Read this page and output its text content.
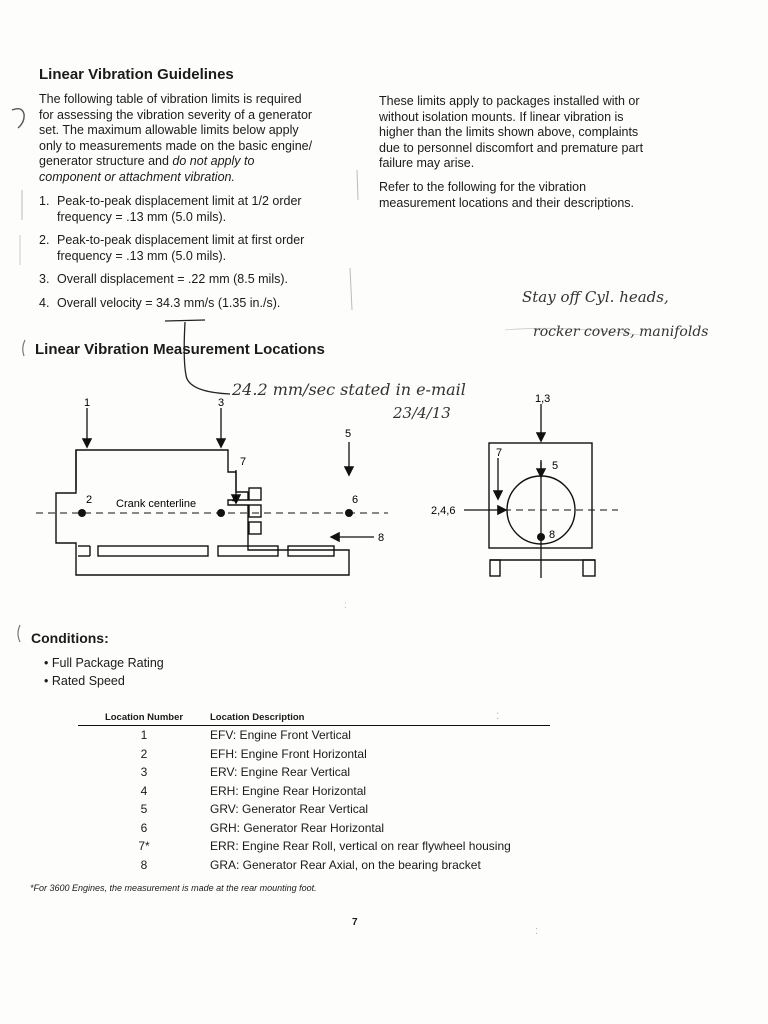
Linear Vibration Guidelines
The following table of vibration limits is required
for assessing the vibration severity of a generator
set. The maximum allowable limits below apply
only to measurements made on the basic engine/
generator structure and do not apply to
component or attachment vibration.
1. Peak-to-peak displacement limit at 1/2 order
frequency = .13 mm (5.0 mils).
2. Peak-to-peak displacement limit at first order
frequency = .13 mm (5.0 mils).
3. Overall displacement = .22 mm (8.5 mils).
4. Overall velocity = 34.3 mm/s (1.35 in./s).
These limits apply to packages installed with or
without isolation mounts. If linear vibration is
higher than the limits shown above, complaints
due to personnel discomfort and premature part
failure may arise.
Refer to the following for the vibration
measurement locations and their descriptions.
24.2 mm/sec stated in e-mail
23/4/13
Stay off Cyl. heads,
rocker covers, manifolds
Linear Vibration Measurement Locations
Crank centerline
1	3
5
7
2	4	6
8
1,3
7
5
2,4,6
8
Conditions:
• Full Package Rating
• Rated Speed
Location Number		Location Description
1		EFV: Engine Front Vertical
2		EFH: Engine Front Horizontal
3		ERV: Engine Rear Vertical
4		ERH: Engine Rear Horizontal
5		GRV: Generator Rear Vertical
6		GRH: Generator Rear Horizontal
7*		ERR: Engine Rear Roll, vertical on rear flywheel housing
8		GRA: Generator Rear Axial, on the bearing bracket
*For 3600 Engines, the measurement is made at the rear mounting foot.
7
:
:
:
